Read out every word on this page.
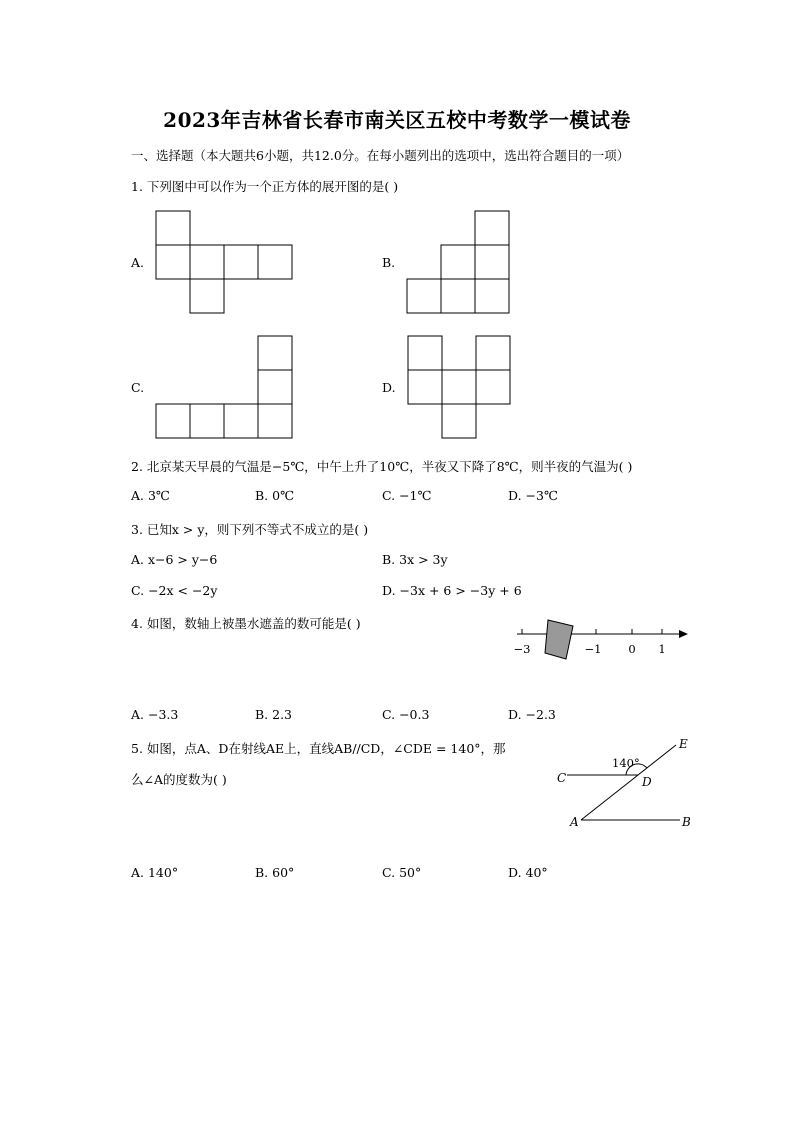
2023年吉林省长春市南关区五校中考数学一模试卷
一、选择题（本大题共6小题，共12.0分。在每小题列出的选项中，选出符合题目的一项）
1. 下列图中可以作为一个正方体的展开图的是( )
A.	B.
C.	D.
2. 北京某天早晨的气温是−5℃，中午上升了10℃，半夜又下降了8℃，则半夜的气温为( )
A. 3℃	B. 0℃	C. −1℃	D. −3℃
3. 已知x > y，则下列不等式不成立的是( )
A. x−6 > y−6	B. 3x > 3y
C. −2x < −2y	D. −3x + 6 > −3y + 6
4. 如图，数轴上被墨水遮盖的数可能是( )
−3	−1 0 1
A. −3.3	B. 2.3	C. −0.3	D. −2.3
5. 如图，点A、D在射线AE上，直线AB//CD，∠CDE = 140°，那
么∠A的度数为( )
140°
C	D
E
A	B
A. 140°	B. 60°	C. 50°	D. 40°
